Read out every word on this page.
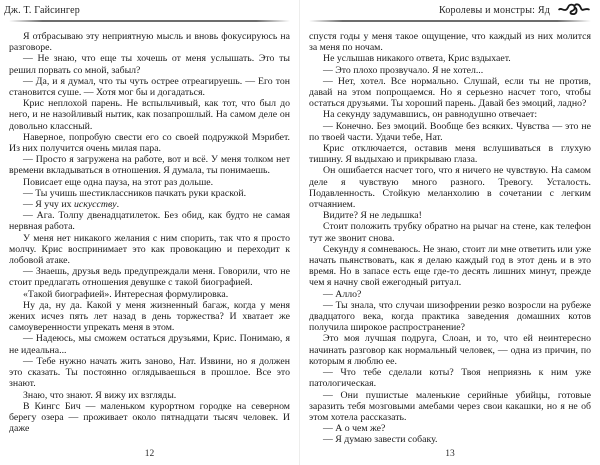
Дж. Т. Гайсингер

Я отбрасываю эту неприятную мысль и вновь фокусируюсь на разговоре.

— Не знаю, что еще ты хочешь от меня услышать. Это ты решил порвать со мной, забыл?

— Да, и я думал, что ты чуть острее отреагируешь. — Его тон становится суше. — Хотя мог бы и догадаться.

Крис неплохой парень. Не вспыльчивый, как тот, что был до него, и не назойливый нытик, как позапрошлый. На самом деле он довольно классный.

Наверное, попробую свести его со своей подружкой Мэрибет. Из них получится очень милая пара.

— Просто я загружена на работе, вот и всё. У меня толком нет времени вкладываться в отношения. Я думала, ты понимаешь.

Повисает еще одна пауза, на этот раз дольше.

— Ты учишь шестиклассников пачкать руки краской.

— Я учу их искусству.

— Ага. Толпу двенадцатилеток. Без обид, как будто не самая нервная работа.

У меня нет никакого желания с ним спорить, так что я просто молчу. Крис воспринимает это как провокацию и переходит к лобовой атаке.

— Знаешь, друзья ведь предупреждали меня. Говорили, что не стоит предлагать отношения девушке с такой биографией.

«Такой биографией». Интересная формулировка.

Ну да, ну да. Какой у меня жизненный багаж, когда у меня жених исчез пять лет назад в день торжества? И хватает же самоуверенности упрекать меня в этом.

— Надеюсь, мы сможем остаться друзьями, Крис. Понимаю, я не идеальна...

— Тебе нужно начать жить заново, Нат. Извини, но я должен это сказать. Ты постоянно оглядываешься в прошлое. Все это знают.

Знаю, что знают. Я вижу их взгляды.

В Кингс Бич — маленьком курортном городке на северном берегу озера — проживает около пятнадцати тысяч человек. И даже

12
Королевы и монстры: Яд

спустя годы у меня такое ощущение, что каждый из них молится за меня по ночам.

Не услышав никакого ответа, Крис вздыхает.

— Это плохо прозвучало. Я не хотел...

— Нет, хотел. Все нормально. Слушай, если ты не против, давай на этом попрощаемся. Но я серьезно насчет того, чтобы остаться друзьями. Ты хороший парень. Давай без эмоций, ладно?

На секунду задумавшись, он равнодушно отвечает:

— Конечно. Без эмоций. Вообще без всяких. Чувства — это не по твоей части. Удачи тебе, Нат.

Крис отключается, оставив меня вслушиваться в глухую тишину. Я выдыхаю и прикрываю глаза.

Он ошибается насчет того, что я ничего не чувствую. На самом деле я чувствую много разного. Тревогу. Усталость. Подавленность. Стойкую меланхолию в сочетании с легким отчаянием.

Видите? Я не ледышка!

Стоит положить трубку обратно на рычаг на стене, как телефон тут же звонит снова.

Секунду я сомневаюсь. Не знаю, стоит ли мне ответить или уже начать пьянствовать, как я делаю каждый год в этот день и в это время. Но в запасе есть еще где-то десять лишних минут, прежде чем я начну свой ежегодный ритуал.

— Алло?

— Ты знала, что случаи шизофрении резко возросли на рубеже двадцатого века, когда практика заведения домашних котов получила широкое распространение?

Это моя лучшая подруга, Слоан, и то, что ей неинтересно начинать разговор как нормальный человек, — одна из причин, по которым я люблю ее.

— Что тебе сделали коты? Твоя неприязнь к ним уже патологическая.

— Они пушистые маленькие серийные убийцы, готовые заразить тебя мозговыми амебами через свои какашки, но я не об этом хотела рассказать.

— А о чем же?

— Я думаю завести собаку.

13
